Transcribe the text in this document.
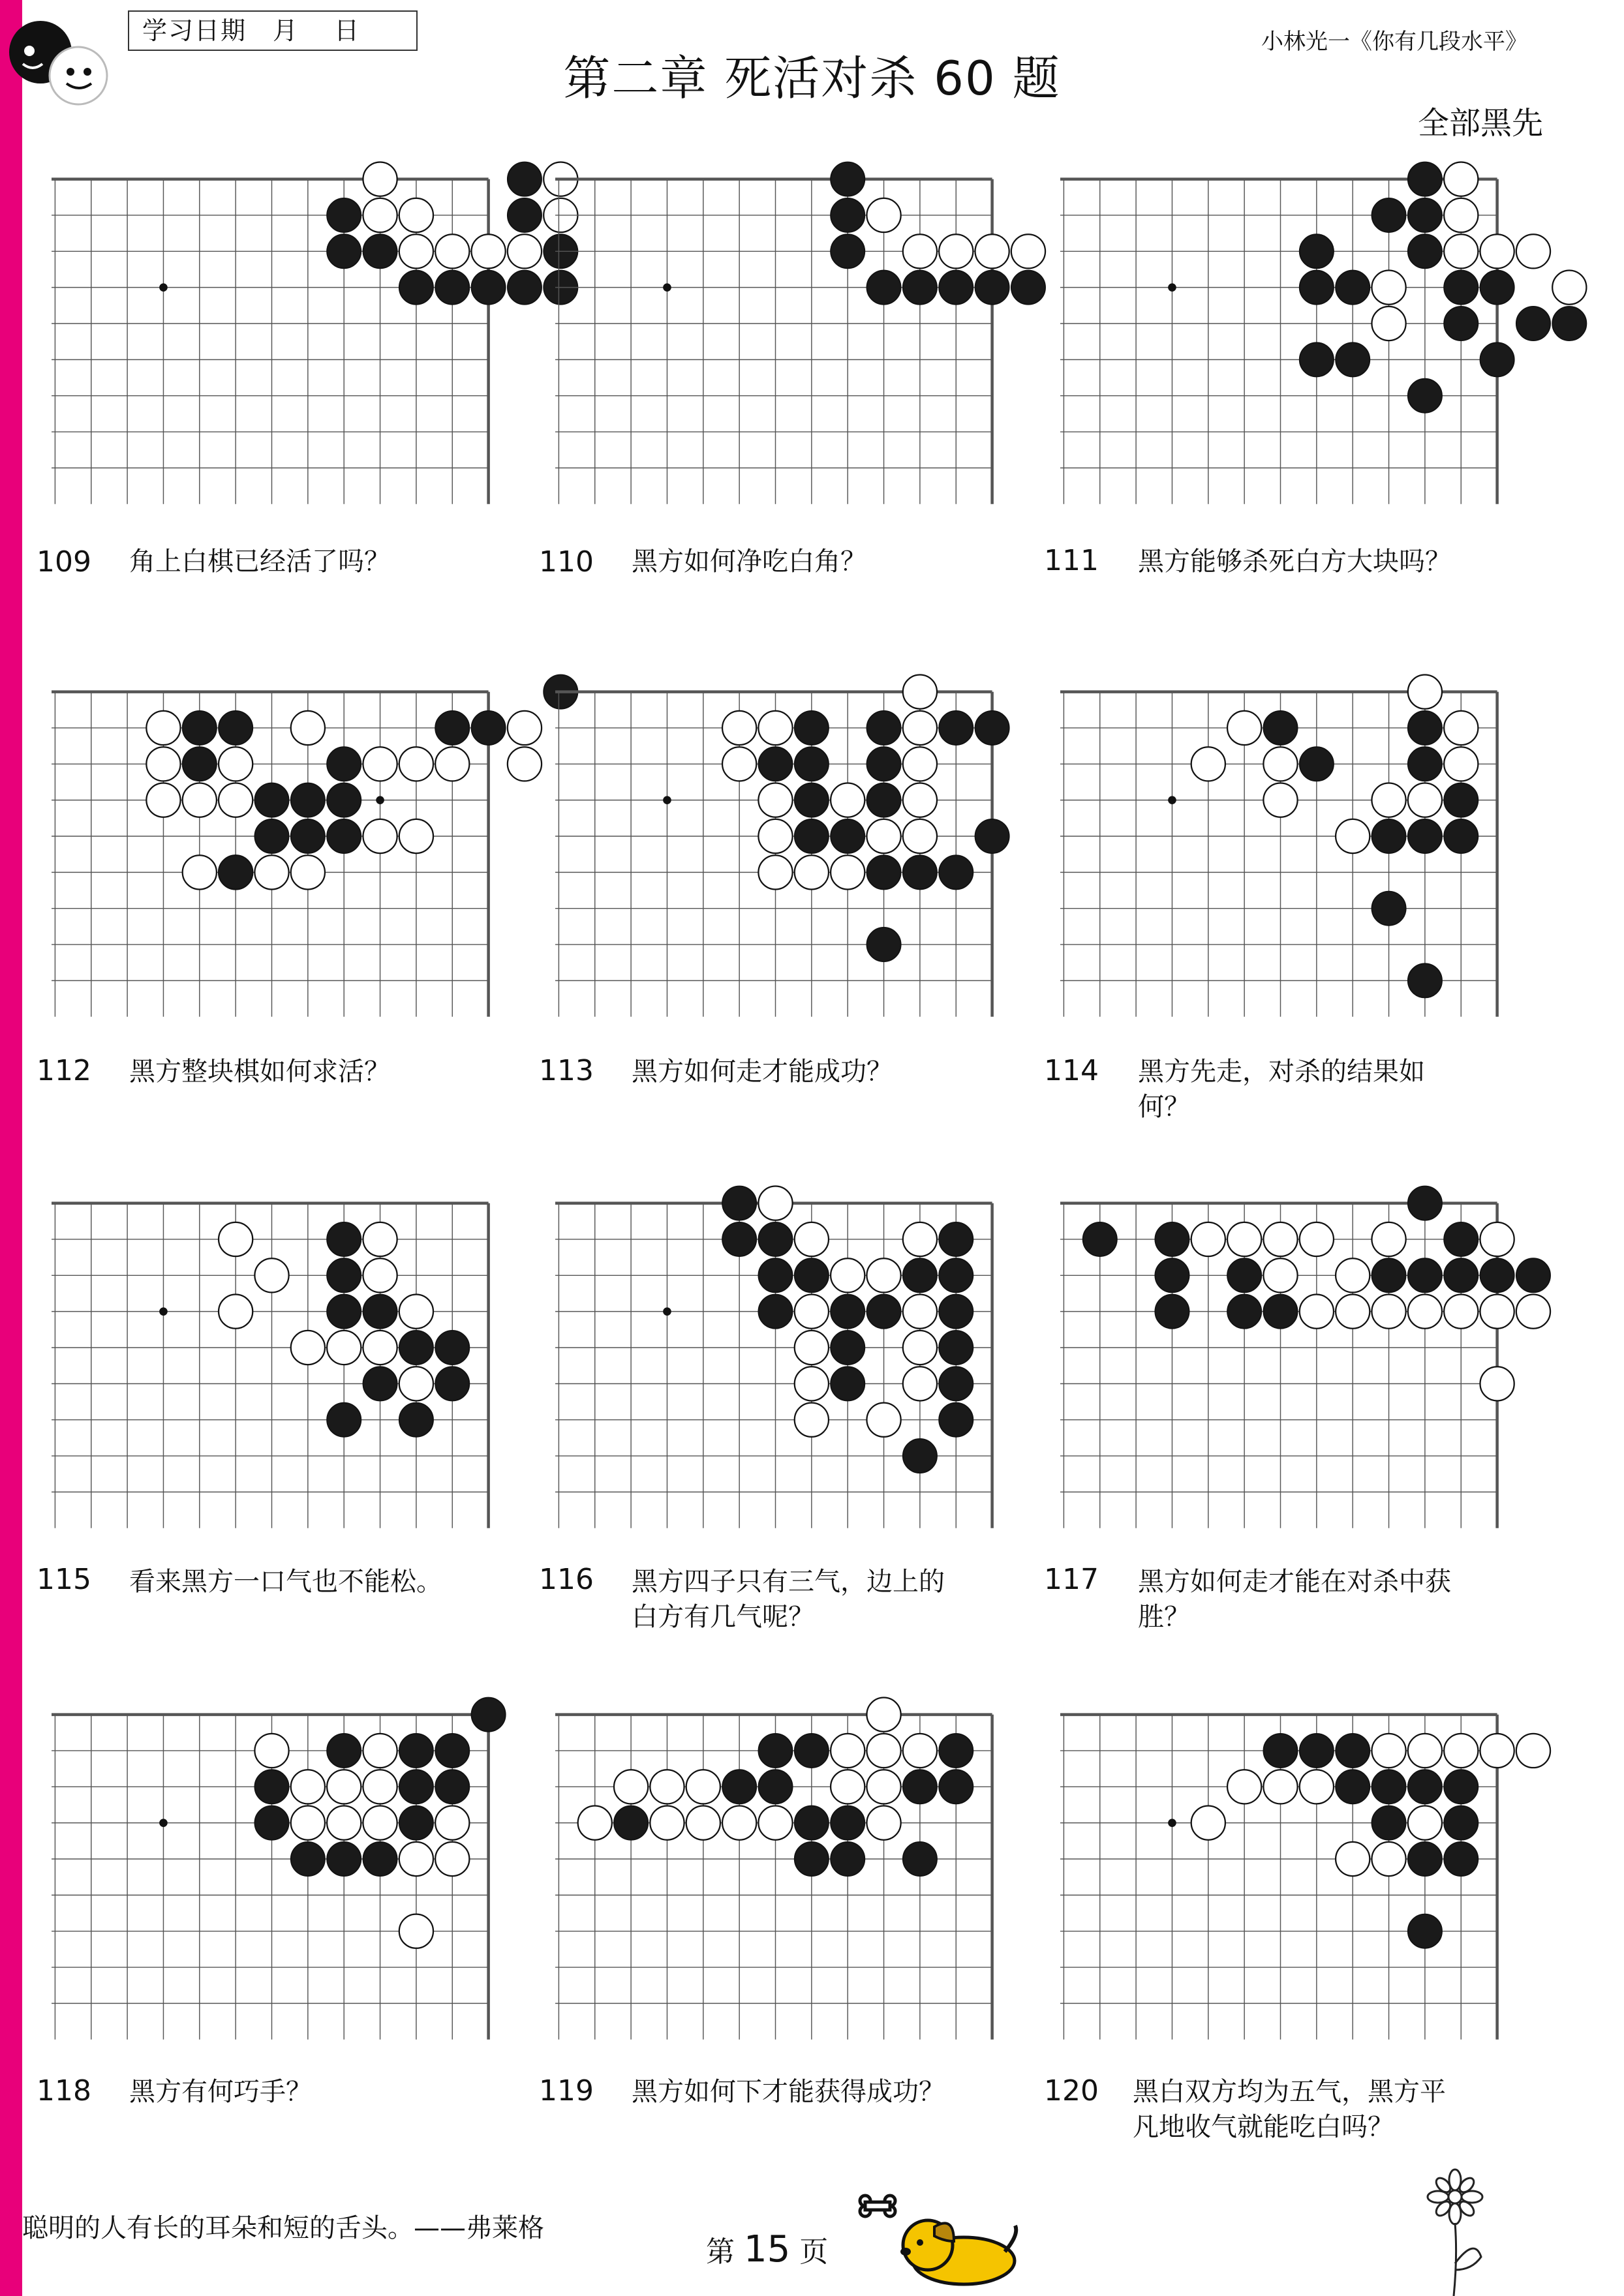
学习日期　月　 日
第二章 死活对杀 60 题
小林光一《你有几段水平》
全部黑先
109 角上白棋已经活了吗？	110 黑方如何净吃白角？	111 黑方能够杀死白方大块吗？
112 黑方整块棋如何求活？	113 黑方如何走才能成功？	114 黑方先走，对杀的结果如何？
115 看来黑方一口气也不能松。	116 黑方四子只有三气，边上的白方有几气呢？
117 黑方如何走才能在对杀中获胜？
118 黑方有何巧手？	119 黑方如何下才能获得成功？	120 黑白双方均为五气，黑方平凡地收气就能吃白吗？
聪明的人有长的耳朵和短的舌头。——弗莱格
第 15 页
